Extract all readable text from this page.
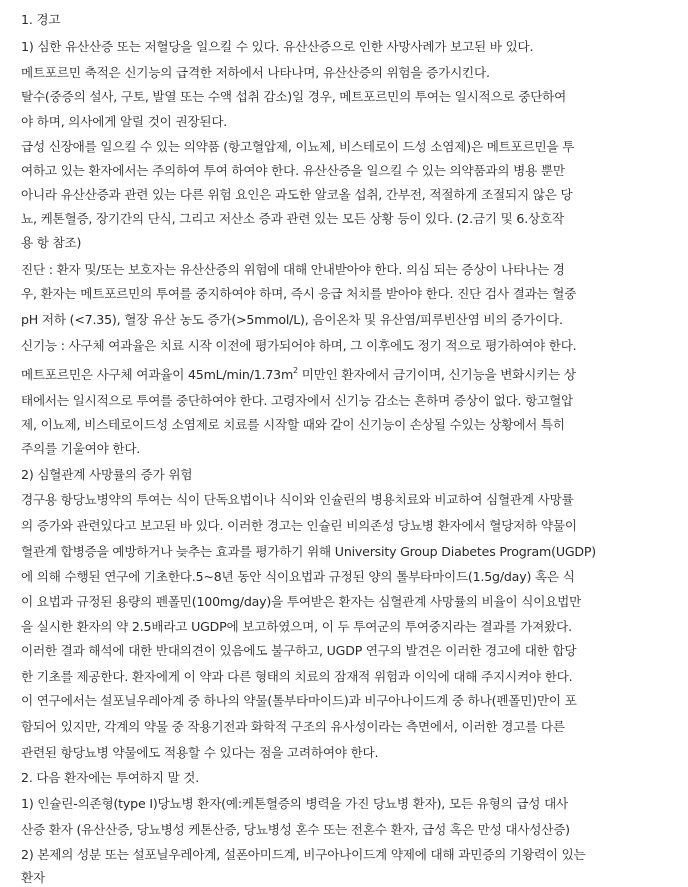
1. 경고
1) 심한 유산산증 또는 저혈당을 일으킬 수 있다. 유산산증으로 인한 사망사례가 보고된 바 있다.
메트포르민 축적은 신기능의 급격한 저하에서 나타나며, 유산산증의 위험을 증가시킨다.
탈수(중증의 설사, 구토, 발열 또는 수액 섭취 감소)일 경우, 메트포르민의 투여는 일시적으로 중단하여
야 하며, 의사에게 알릴 것이 권장된다.
급성 신장애를 일으킬 수 있는 의약품 (항고혈압제, 이뇨제, 비스테로이 드성 소염제)은 메트포르민을 투
여하고 있는 환자에서는 주의하여 투여 하여야 한다. 유산산증을 일으킬 수 있는 의약품과의 병용 뿐만
아니라 유산산증과 관련 있는 다른 위험 요인은 과도한 알코올 섭취, 간부전, 적절하게 조절되지 않은 당
뇨, 케톤혈증, 장기간의 단식, 그리고 저산소 증과 관련 있는 모든 상황 등이 있다. (2.금기 및 6.상호작
용 항 참조)
진단 : 환자 및/또는 보호자는 유산산증의 위험에 대해 안내받아야 한다. 의심 되는 증상이 나타나는 경
우, 환자는 메트포르민의 투여를 중지하여야 하며, 즉시 응급 처치를 받아야 한다. 진단 검사 결과는 혈중
pH 저하 (<7.35), 혈장 유산 농도 증가(>5mmol/L), 음이온차 및 유산염/피루빈산염 비의 증가이다.
신기능 : 사구체 여과율은 치료 시작 이전에 평가되어야 하며, 그 이후에도 정기 적으로 평가하여야 한다.
메트포르민은 사구체 여과율이 $45mL/\min/1.73m^2$ 미만인 환자에서 금기이며, 신기능을 변화시키는 상
태에서는 일시적으로 투여를 중단하여야 한다. 고령자에서 신기능 감소는 흔하며 증상이 없다. 항고혈압
제, 이뇨제, 비스테로이드성 소염제로 치료를 시작할 때와 같이 신기능이 손상될 수있는 상황에서 특히
주의를 기울여야 한다.
2) 심혈관계 사망률의 증가 위험
경구용 항당뇨병약의 투여는 식이 단독요법이나 식이와 인슐린의 병용치료와 비교하여 심혈관계 사망률
의 증가와 관련있다고 보고된 바 있다. 이러한 경고는 인슐린 비의존성 당뇨병 환자에서 혈당저하 약물이
혈관계 합병증을 예방하거나 늦추는 효과를 평가하기 위해 University Group Diabetes Program(UGDP)
에 의해 수행된 연구에 기초한다.5~8년 동안 식이요법과 규정된 양의 톨부타마이드(1.5g/day) 혹은 식
이 요법과 규정된 용량의 펜폴민(100mg/day)을 투여받은 환자는 심혈관계 사망률의 비율이 식이요법만
을 실시한 환자의 약 2.5배라고 UGDP에 보고하였으며, 이 두 투여군의 투여중지라는 결과를 가져왔다.
이러한 결과 해석에 대한 반대의견이 있음에도 불구하고, UGDP 연구의 발견은 이러한 경고에 대한 합당
한 기초를 제공한다. 환자에게 이 약과 다른 형태의 치료의 잠재적 위험과 이익에 대해 주지시켜야 한다.
이 연구에서는 설포닐우레아계 중 하나의 약물(톨부타마이드)과 비구아나이드계 중 하나(펜폴민)만이 포
함되어 있지만, 각계의 약물 중 작용기전과 화학적 구조의 유사성이라는 측면에서, 이러한 경고를 다른
관련된 항당뇨병 약물에도 적용할 수 있다는 점을 고려하여야 한다.
2. 다음 환자에는 투여하지 말 것.
1) 인슐린-의존형(type Ⅰ)당뇨병 환자(예:케톤혈증의 병력을 가진 당뇨병 환자), 모든 유형의 급성 대사
산증 환자 (유산산증, 당뇨병성 케톤산증, 당뇨병성 혼수 또는 전혼수 환자, 급성 혹은 만성 대사성산증)
2) 본제의 성분 또는 설포닐우레아계, 설폰아미드계, 비구아나이드계 약제에 대해 과민증의 기왕력이 있는
환자
